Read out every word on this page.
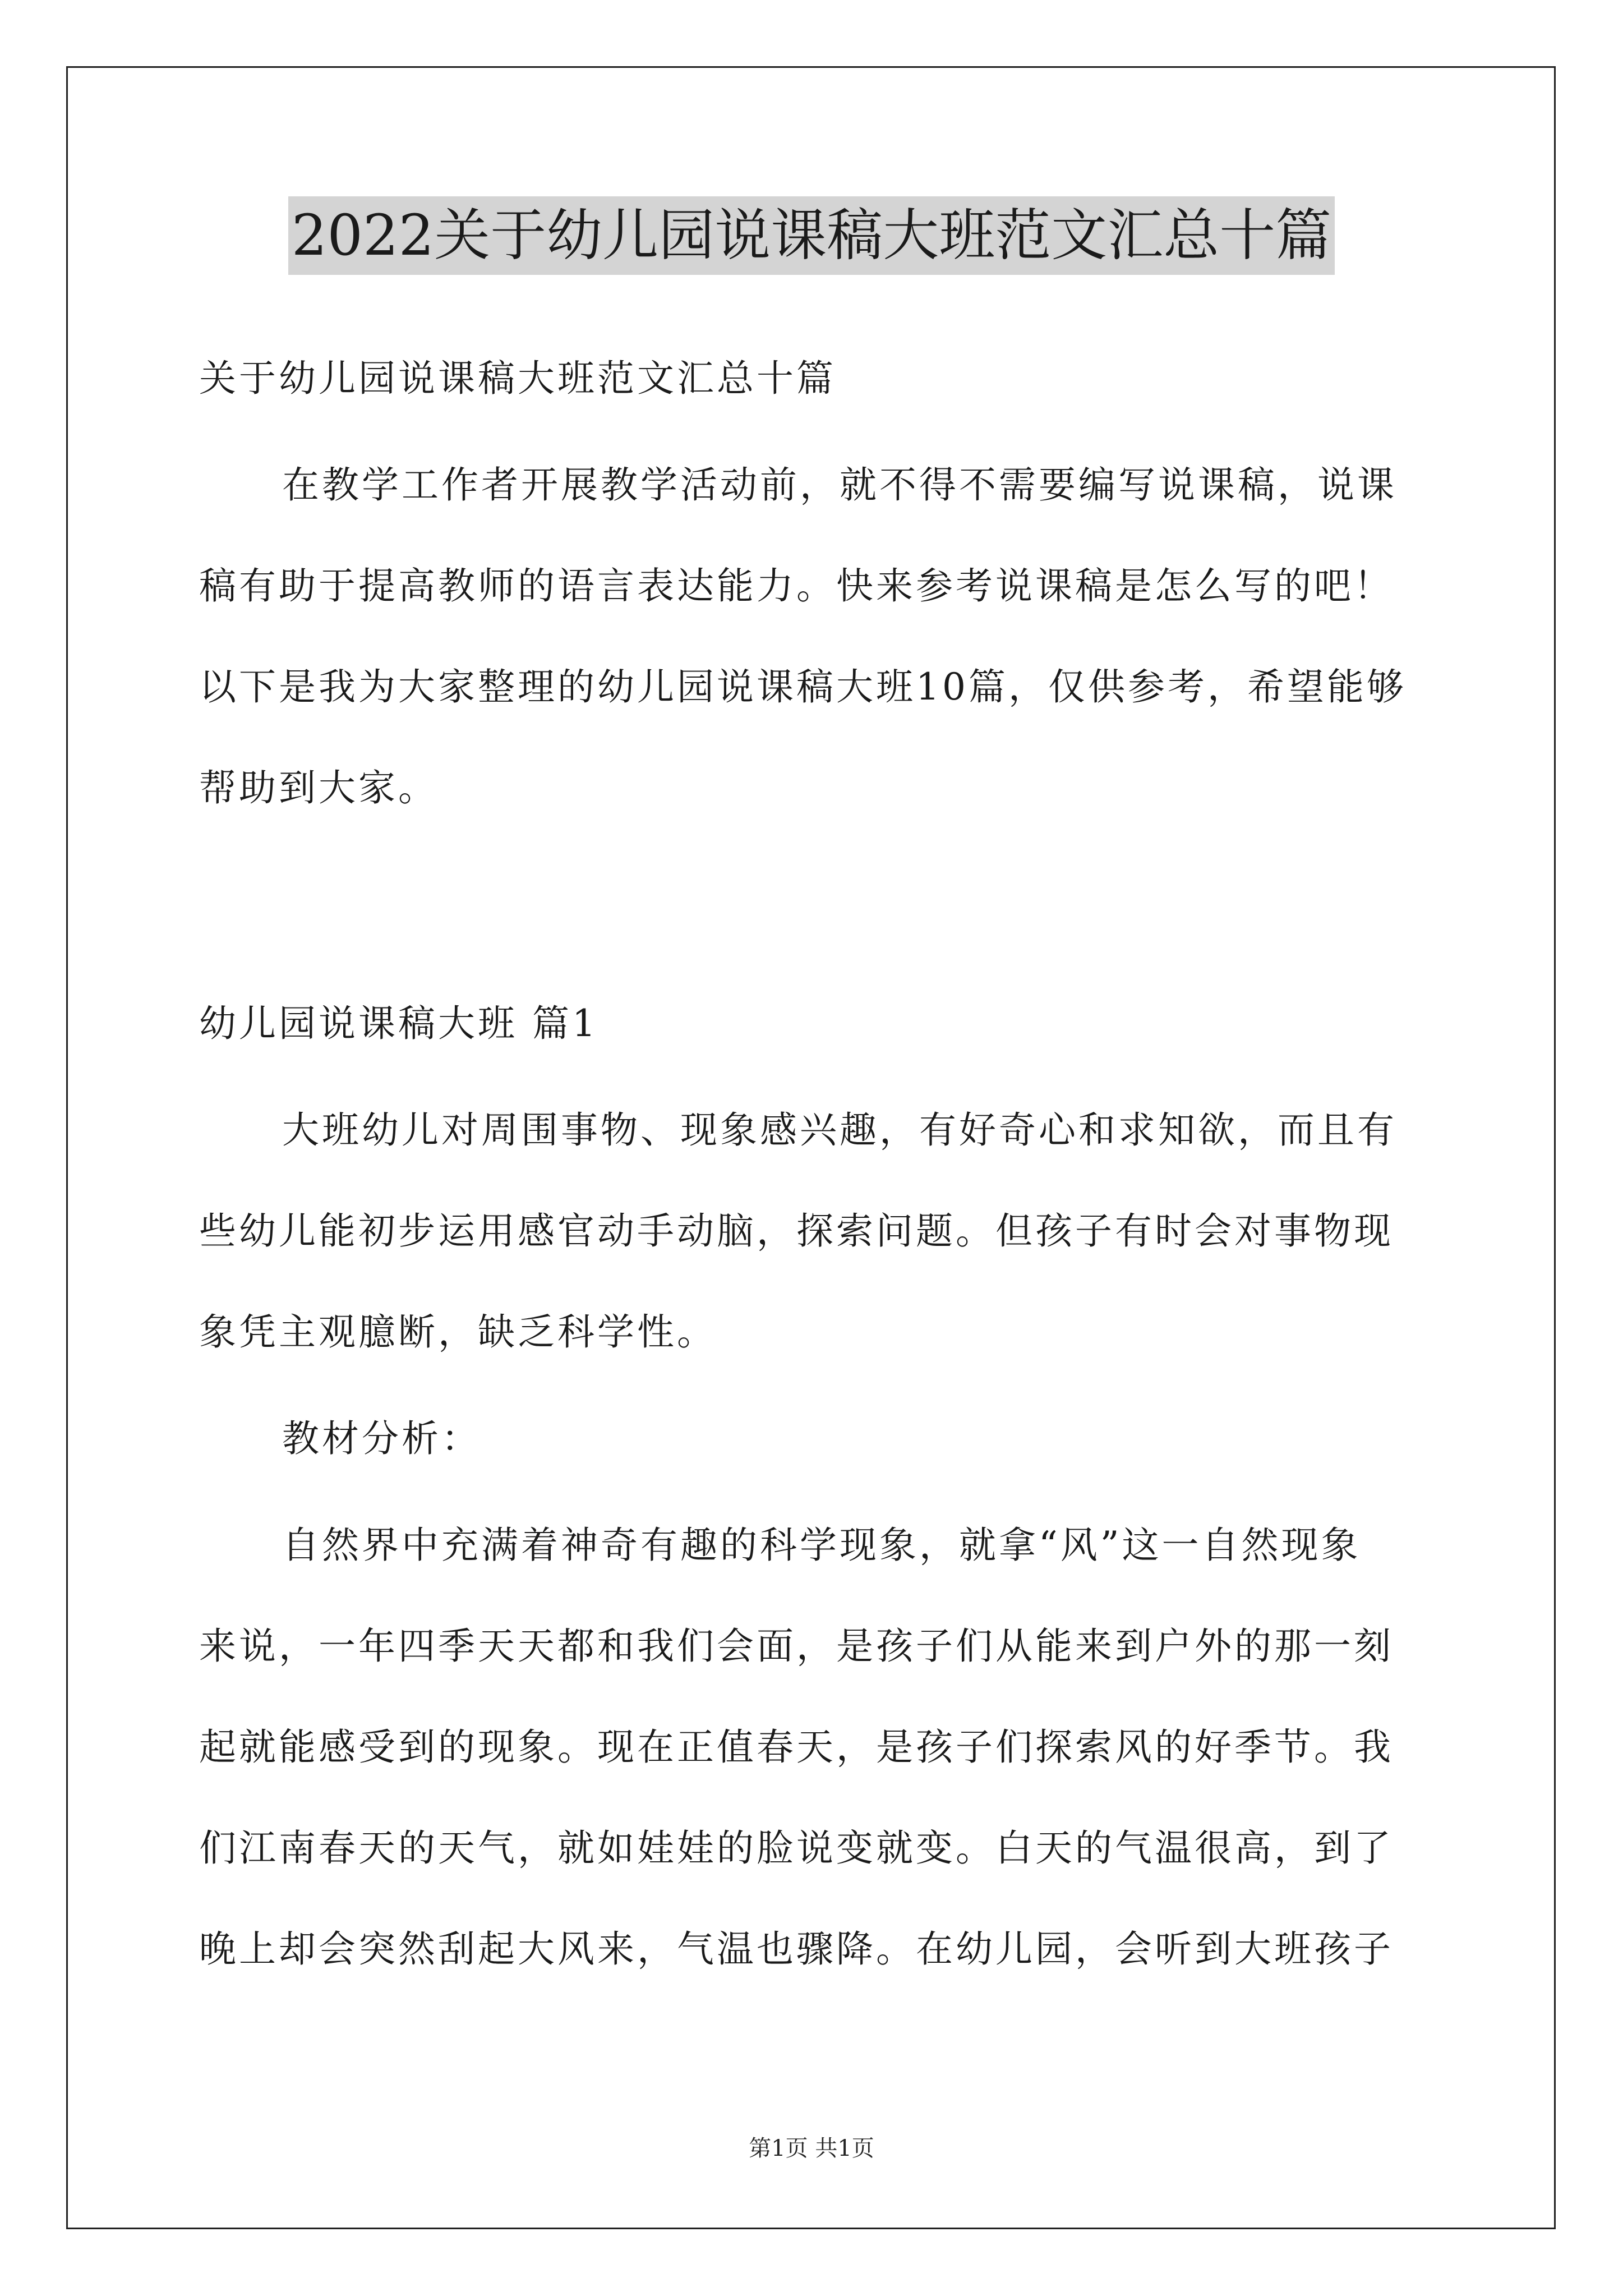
2022关于幼儿园说课稿大班范文汇总十篇
关于幼儿园说课稿大班范文汇总十篇
在教学工作者开展教学活动前，就不得不需要编写说课稿，说课
稿有助于提高教师的语言表达能力。快来参考说课稿是怎么写的吧！
以下是我为大家整理的幼儿园说课稿大班10篇，仅供参考，希望能够
帮助到大家。
幼儿园说课稿大班 篇1
大班幼儿对周围事物、现象感兴趣，有好奇心和求知欲，而且有
些幼儿能初步运用感官动手动脑，探索问题。但孩子有时会对事物现
象凭主观臆断，缺乏科学性。
教材分析：
自然界中充满着神奇有趣的科学现象，就拿“风”这一自然现象
来说，一年四季天天都和我们会面，是孩子们从能来到户外的那一刻
起就能感受到的现象。现在正值春天，是孩子们探索风的好季节。我
们江南春天的天气，就如娃娃的脸说变就变。白天的气温很高，到了
晚上却会突然刮起大风来，气温也骤降。在幼儿园，会听到大班孩子
第1页 共1页
